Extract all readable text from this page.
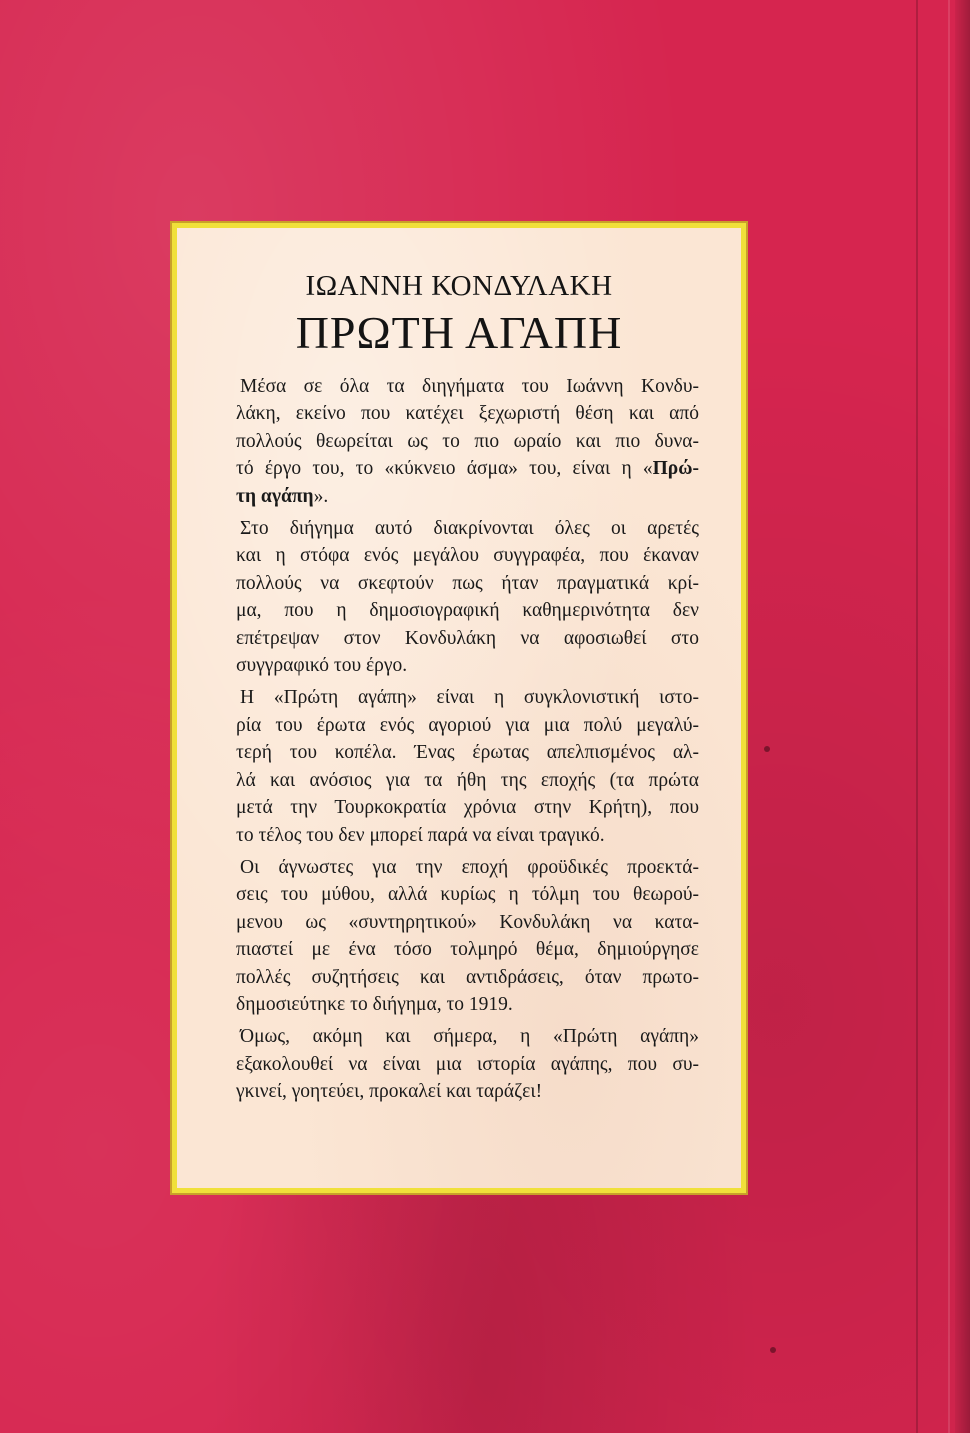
ΙΩΑΝΝΗ ΚΟΝΔΥΛΑΚΗ
ΠΡΩΤΗ ΑΓΑΠΗ

Μέσα σε όλα τα διηγήματα του Ιωάννη Κονδυ-
λάκη, εκείνο που κατέχει ξεχωριστή θέση και από
πολλούς θεωρείται ως το πιο ωραίο και πιο δυνα-
τό έργο του, το «κύκνειο άσμα» του, είναι η «Πρώ-
τη αγάπη».

Στο διήγημα αυτό διακρίνονται όλες οι αρετές
και η στόφα ενός μεγάλου συγγραφέα, που έκαναν
πολλούς να σκεφτούν πως ήταν πραγματικά κρί-
μα, που η δημοσιογραφική καθημερινότητα δεν
επέτρεψαν στον Κονδυλάκη να αφοσιωθεί στο
συγγραφικό του έργο.

Η «Πρώτη αγάπη» είναι η συγκλονιστική ιστο-
ρία του έρωτα ενός αγοριού για μια πολύ μεγαλύ-
τερή του κοπέλα. Ένας έρωτας απελπισμένος αλ-
λά και ανόσιος για τα ήθη της εποχής (τα πρώτα
μετά την Τουρκοκρατία χρόνια στην Κρήτη), που
το τέλος του δεν μπορεί παρά να είναι τραγικό.

Οι άγνωστες για την εποχή φροϋδικές προεκτά-
σεις του μύθου, αλλά κυρίως η τόλμη του θεωρού-
μενου ως «συντηρητικού» Κονδυλάκη να κατα-
πιαστεί με ένα τόσο τολμηρό θέμα, δημιούργησε
πολλές συζητήσεις και αντιδράσεις, όταν πρωτο-
δημοσιεύτηκε το διήγημα, το 1919.

Όμως, ακόμη και σήμερα, η «Πρώτη αγάπη»
εξακολουθεί να είναι μια ιστορία αγάπης, που συ-
γκινεί, γοητεύει, προκαλεί και ταράζει!
